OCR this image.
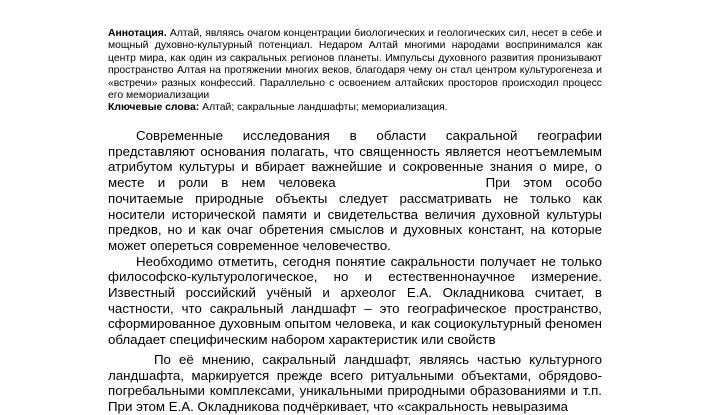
Аннотация. Алтай, являясь очагом концентрации биологических и геологических сил, несет в себе и мощный духовно-культурный потенциал. Недаром Алтай многими народами воспринимался как центр мира, как один из сакральных регионов планеты. Импульсы духовного развития пронизывают пространство Алтая на протяжении многих веков, благодаря чему он стал центром культурогенеза и «встречи» разных конфессий. Параллельно с освоением алтайских просторов происходил процесс его мемориализации
Ключевые слова: Алтай; сакральные ландшафты; мемориализация.

Современные исследования в области сакральной географии представляют основания полагать, что священность является неотъемлемым атрибутом культуры и вбирает важнейшие и сокровенные знания о мире, о месте и роли в нем человека	При этом особо почитаемые природные объекты следует рассматривать не только как носители исторической памяти и свидетельства величия духовной культуры предков, но и как очаг обретения смыслов и духовных констант, на которые может опереться современное человечество.

Необходимо отметить, сегодня понятие сакральности получает не только философско-культурологическое, но и естественнонаучное измерение. Известный российский учёный и археолог Е.А. Окладникова считает, в частности, что сакральный ландшафт – это географическое пространство, сформированное духовным опытом человека, и как социокультурный феномен обладает специфическим набором характеристик или свойств

По её мнению, сакральный ландшафт, являясь частью культурного ландшафта, маркируется прежде всего ритуальными объектами, обрядово-погребальными комплексами, уникальными природными образованиями и т.п. При этом Е.А. Окладникова подчёркивает, что «сакральность невыразима
